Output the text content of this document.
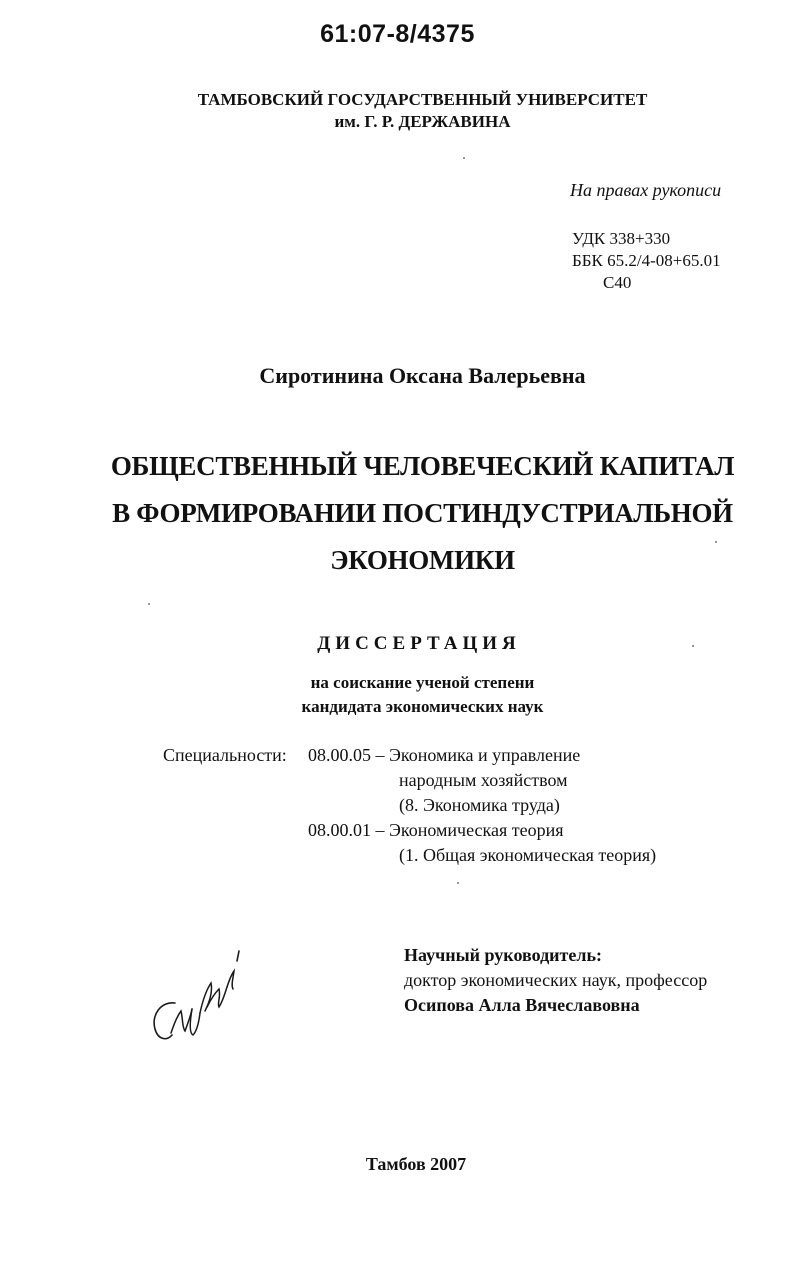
61:07-8/4375
ТАМБОВСКИЙ ГОСУДАРСТВЕННЫЙ УНИВЕРСИТЕТ
им. Г. Р. ДЕРЖАВИНА
На правах рукописи
УДК 338+330
ББК 65.2/4-08+65.01
С40
Сиротинина Оксана Валерьевна
ОБЩЕСТВЕННЫЙ ЧЕЛОВЕЧЕСКИЙ КАПИТАЛ
В ФОРМИРОВАНИИ ПОСТИНДУСТРИАЛЬНОЙ
ЭКОНОМИКИ
ДИССЕРТАЦИЯ
на соискание ученой степени
кандидата экономических наук
Специальности: 08.00.05 – Экономика и управление
народным хозяйством
(8. Экономика труда)
08.00.01 – Экономическая теория
(1. Общая экономическая теория)
Научный руководитель:
доктор экономических наук, профессор
Осипова Алла Вячеславовна
Тамбов 2007
